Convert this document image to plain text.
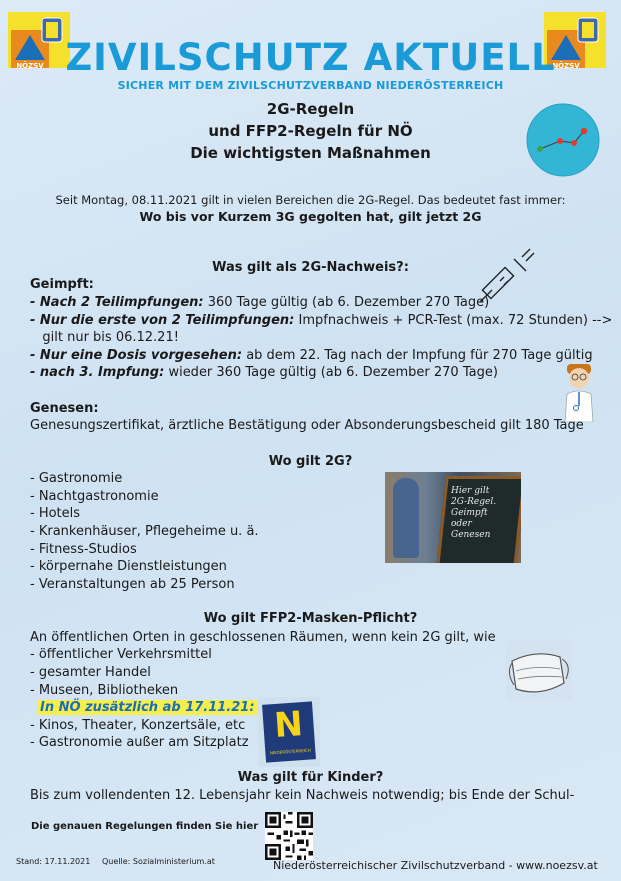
NÖZSV	NÖZSV
ZIVILSCHUTZ AKTUELL
SICHER MIT DEM ZIVILSCHUTZVERBAND NIEDERÖSTERREICH
2G-Regeln
und FFP2-Regeln für NÖ
Die wichtigsten Maßnahmen
Seit Montag, 08.11.2021 gilt in vielen Bereichen die 2G-Regel. Das bedeutet fast immer:
Wo bis vor Kurzem 3G gegolten hat, gilt jetzt 2G
Was gilt als 2G-Nachweis?:
Geimpft:
- Nach 2 Teilimpfungen: 360 Tage gültig (ab 6. Dezember 270 Tage)
- Nur die erste von 2 Teilimpfungen: Impfnachweis + PCR-Test (max. 72 Stunden) -->
gilt nur bis 06.12.21!
- Nur eine Dosis vorgesehen: ab dem 22. Tag nach der Impfung für 270 Tage gültig
- nach 3. Impfung: wieder 360 Tage gültig (ab 6. Dezember 270 Tage)
Genesen:
Genesungszertifikat, ärztliche Bestätigung oder Absonderungsbescheid gilt 180 Tage
Wo gilt 2G?
- Gastronomie
- Nachtgastronomie
- Hotels
- Krankenhäuser, Pflegeheime u. ä.
- Fitness-Studios
- körpernahe Dienstleistungen
- Veranstaltungen ab 25 Person
Hier gilt
2G-Regel.
Geimpft
oder
Genesen
Wo gilt FFP2-Masken-Pflicht?
An öffentlichen Orten in geschlossenen Räumen, wenn kein 2G gilt, wie
- öffentlicher Verkehrsmittel
- gesamter Handel
- Museen, Bibliotheken
In NÖ zusätzlich ab 17.11.21:
- Kinos, Theater, Konzertsäle, etc
- Gastronomie außer am Sitzplatz N
NIEDERÖSTERREICH
Was gilt für Kinder?
Bis zum vollendenten 12. Lebensjahr kein Nachweis notwendig; bis Ende der Schul-
Die genauen Regelungen finden Sie hier
Stand: 17.11.2021 Quelle: Sozialministerium.at	Niederösterreichischer Zivilschutzverband - www.noezsv.at
